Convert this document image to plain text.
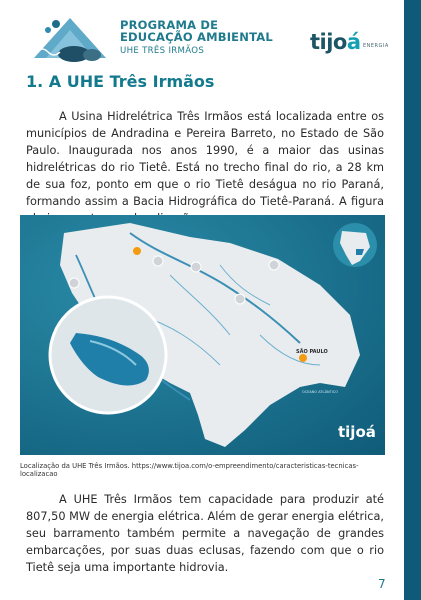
PROGRAMA DE
EDUCAÇÃO AMBIENTAL
UHE TRÊS IRMÃOS	tijoá ENERGIA
1. A UHE Três Irmãos
A Usina Hidrelétrica Três Irmãos está localizada entre os municípios de Andradina e Pereira Barreto, no Estado de São Paulo. Inaugurada nos anos 1990, é a maior das usinas hidrelétricas do rio Tietê. Está no trecho final do rio, a 28 km de sua foz, ponto em que o rio Tietê deságua no rio Paraná, formando assim a Bacia Hidrográfica do Tietê-Paraná. A figura
SÃO PAULO
OCEANO ATLÂNTICO
tijoá
Localização da UHE Três Irmãos. https://www.tijoa.com/o-empreendimento/caracteristicas-tecnicas-localizacao
A UHE Três Irmãos tem capacidade para produzir até 807,50 MW de energia elétrica. Além de gerar energia elétrica, seu barramento também permite a navegação de grandes embarcações, por suas duas eclusas, fazendo com que o rio Tietê seja uma importante hidrovia.
7
